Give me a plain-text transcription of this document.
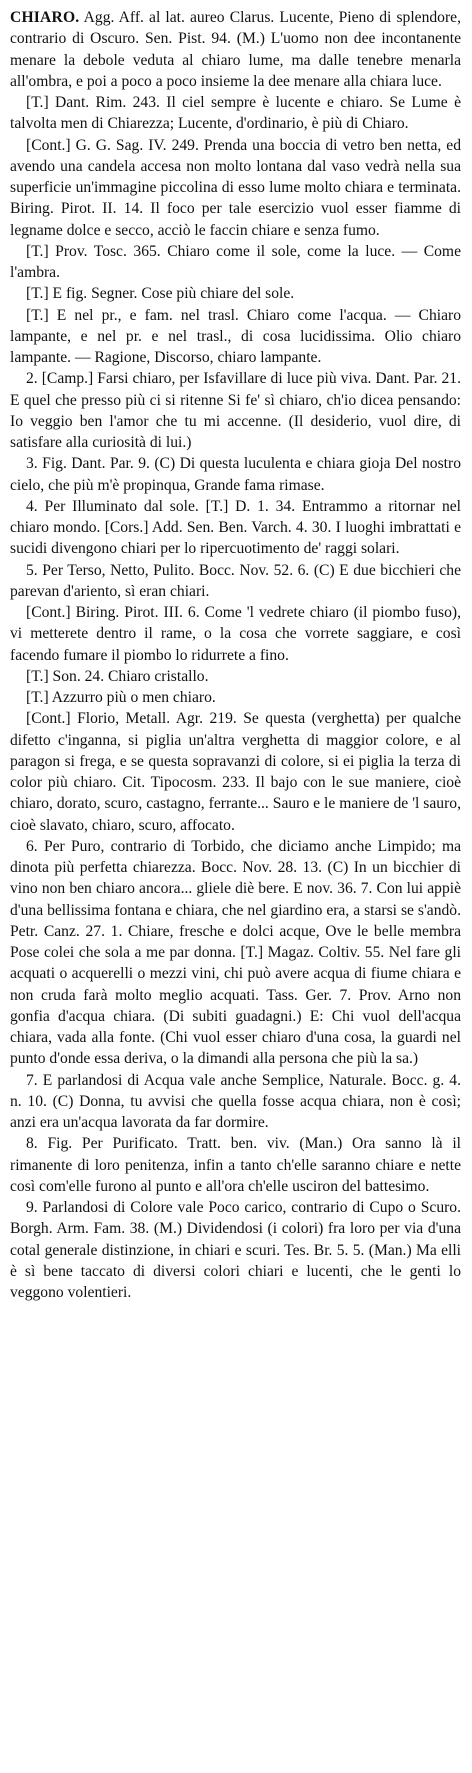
CHIARO. Agg. Aff. al lat. aureo Clarus. Lucente, Pieno di splendore, contrario di Oscuro. Sen. Pist. 94. (M.) L'uomo non dee incontanente menare la debole veduta al chiaro lume, ma dalle tenebre menarla all'ombra, e poi a poco a poco insieme la dee menare alla chiara luce.

[T.] Dant. Rim. 243. Il ciel sempre è lucente e chiaro. Se Lume è talvolta men di Chiarezza; Lucente, d'ordinario, è più di Chiaro.

[Cont.] G. G. Sag. IV. 249. Prenda una boccia di vetro ben netta, ed avendo una candela accesa non molto lontana dal vaso vedrà nella sua superficie un'immagine piccolina di esso lume molto chiara e terminata. Biring. Pirot. II. 14. Il foco per tale esercizio vuol esser fiamme di legname dolce e secco, acciò le faccin chiare e senza fumo.

[T.] Prov. Tosc. 365. Chiaro come il sole, come la luce. — Come l'ambra.

[T.] E fig. Segner. Cose più chiare del sole.

[T.] E nel pr., e fam. nel trasl. Chiaro come l'acqua. — Chiaro lampante, e nel pr. e nel trasl., di cosa lucidissima. Olio chiaro lampante. — Ragione, Discorso, chiaro lampante.

2. [Camp.] Farsi chiaro, per Isfavillare di luce più viva. Dant. Par. 21. E quel che presso più ci si ritenne Si fe' sì chiaro, ch'io dicea pensando: Io veggio ben l'amor che tu mi accenne. (Il desiderio, vuol dire, di satisfare alla curiosità di lui.)

3. Fig. Dant. Par. 9. (C) Di questa luculenta e chiara gioja Del nostro cielo, che più m'è propinqua, Grande fama rimase.

4. Per Illuminato dal sole. [T.] D. 1. 34. Entrammo a ritornar nel chiaro mondo. [Cors.] Add. Sen. Ben. Varch. 4. 30. I luoghi imbrattati e sucidi divengono chiari per lo ripercuotimento de' raggi solari.

5. Per Terso, Netto, Pulito. Bocc. Nov. 52. 6. (C) E due bicchieri che parevan d'ariento, sì eran chiari.

[Cont.] Biring. Pirot. III. 6. Come 'l vedrete chiaro (il piombo fuso), vi metterete dentro il rame, o la cosa che vorrete saggiare, e così facendo fumare il piombo lo ridurrete a fino.

[T.] Son. 24. Chiaro cristallo.

[T.] Azzurro più o men chiaro.

[Cont.] Florio, Metall. Agr. 219. Se questa (verghetta) per qualche difetto c'inganna, si piglia un'altra verghetta di maggior colore, e al paragon si frega, e se questa sopravanzi di colore, si ei piglia la terza di color più chiaro. Cit. Tipocosm. 233. Il bajo con le sue maniere, cioè chiaro, dorato, scuro, castagno, ferrante... Sauro e le maniere de 'l sauro, cioè slavato, chiaro, scuro, affocato.

6. Per Puro, contrario di Torbido, che diciamo anche Limpido; ma dinota più perfetta chiarezza. Bocc. Nov. 28. 13. (C) In un bicchier di vino non ben chiaro ancora... gliele diè bere. E nov. 36. 7. Con lui appiè d'una bellissima fontana e chiara, che nel giardino era, a starsi se s'andò. Petr. Canz. 27. 1. Chiare, fresche e dolci acque, Ove le belle membra Pose colei che sola a me par donna. [T.] Magaz. Coltiv. 55. Nel fare gli acquati o acquerelli o mezzi vini, chi può avere acqua di fiume chiara e non cruda farà molto meglio acquati. Tass. Ger. 7. Prov. Arno non gonfia d'acqua chiara. (Di subiti guadagni.) E: Chi vuol dell'acqua chiara, vada alla fonte. (Chi vuol esser chiaro d'una cosa, la guardi nel punto d'onde essa deriva, o la dimandi alla persona che più la sa.)

7. E parlandosi di Acqua vale anche Semplice, Naturale. Bocc. g. 4. n. 10. (C) Donna, tu avvisi che quella fosse acqua chiara, non è così; anzi era un'acqua lavorata da far dormire.

8. Fig. Per Purificato. Tratt. ben. viv. (Man.) Ora sanno là il rimanente di loro penitenza, infin a tanto ch'elle saranno chiare e nette così com'elle furono al punto e all'ora ch'elle usciron del battesimo.

9. Parlandosi di Colore vale Poco carico, contrario di Cupo o Scuro. Borgh. Arm. Fam. 38. (M.) Dividendosi (i colori) fra loro per via d'una cotal generale distinzione, in chiari e scuri. Tes. Br. 5. 5. (Man.) Ma elli è sì bene taccato di diversi colori chiari e lucenti, che le genti lo veggono volentieri.
